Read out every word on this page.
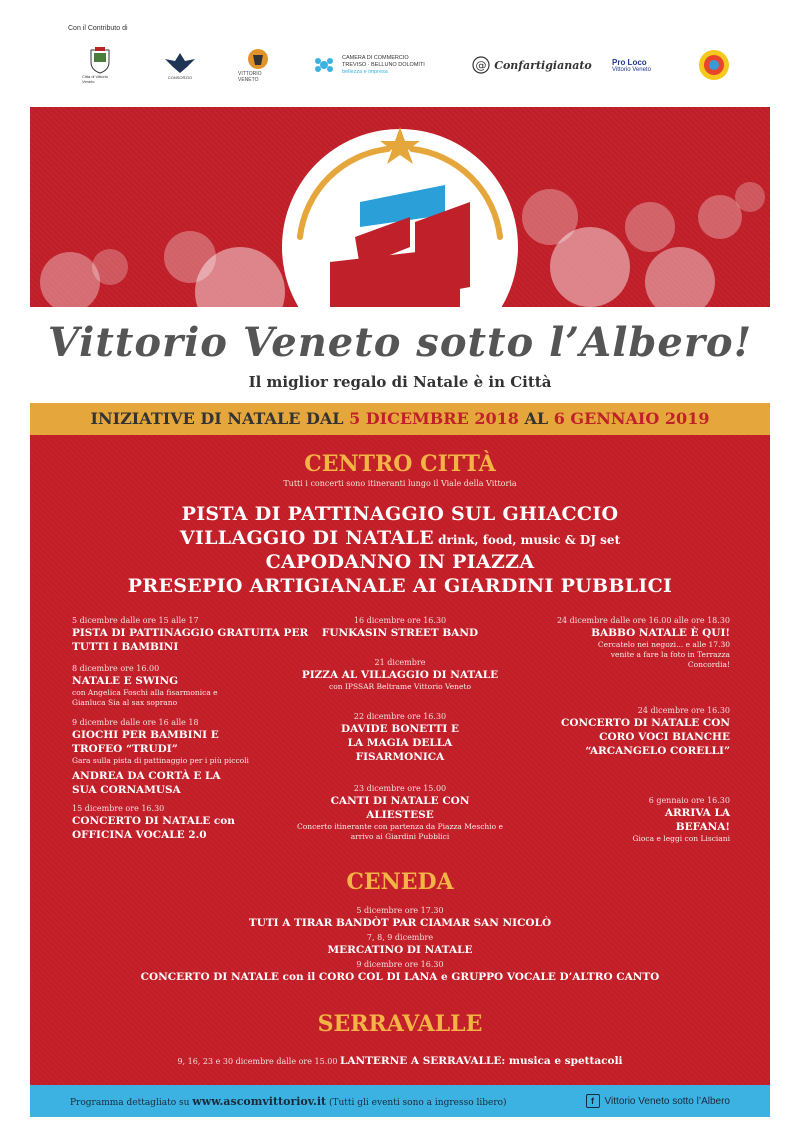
Con il Contributo di
Città di Vittorio Veneto
CONSORZIO	VITTORIO VENETO
CAMERA DI COMMERCIO
TREVISO · BELLUNO DOLOMITI
bellezza e impresa	@ Confartigianato	Pro Loco
Vittorio Veneto
Vittorio Veneto sotto l’Albero!
Il miglior regalo di Natale è in Città
INIZIATIVE DI NATALE DAL 5 DICEMBRE 2018 AL 6 GENNAIO 2019
CENTRO CITTÀ
Tutti i concerti sono itineranti lungo il Viale della Vittoria
PISTA DI PATTINAGGIO SUL GHIACCIO
VILLAGGIO DI NATALE drink, food, music & DJ set
CAPODANNO IN PIAZZA
PRESEPIO ARTIGIANALE AI GIARDINI PUBBLICI
5 dicembre dalle ore 15 alle 17
PISTA DI PATTINAGGIO GRATUITA PER TUTTI I BAMBINI
8 dicembre ore 16.00
NATALE E SWING
con Angelica Foschi alla fisarmonica e Gianluca Sia al sax soprano
9 dicembre dalle ore 16 alle 18
GIOCHI PER BAMBINI E TROFEO “TRUDI”
Gara sulla pista di pattinaggio per i più piccoli
ANDREA DA CORTÀ E LA SUA CORNAMUSA
15 dicembre ore 16.30
CONCERTO DI NATALE con OFFICINA VOCALE 2.0
16 dicembre ore 16.30
FUNKASIN STREET BAND
21 dicembre
PIZZA AL VILLAGGIO DI NATALE
con IPSSAR Beltrame Vittorio Veneto
22 dicembre ore 16.30
DAVIDE BONETTI E LA MAGIA DELLA FISARMONICA
23 dicembre ore 15.00
CANTI DI NATALE CON ALIESTESE
Concerto itinerante con partenza da Piazza Meschio e arrivo ai Giardini Pubblici
24 dicembre dalle ore 16.00 alle ore 18.30
BABBO NATALE È QUI!
Cercatelo nei negozi... e alle 17.30 venite a fare la foto in Terrazza Concordia!
24 dicembre ore 16.30
CONCERTO DI NATALE CON CORO VOCI BIANCHE “ARCANGELO CORELLI”
6 gennaio ore 16.30
ARRIVA LA BEFANA!
Gioca e leggi con Lisciani
CENEDA
5 dicembre ore 17.30
TUTI A TIRAR BANDÒT PAR CIAMAR SAN NICOLÒ
7, 8, 9 dicembre
MERCATINO DI NATALE
9 dicembre ore 16.30
CONCERTO DI NATALE con il CORO COL DI LANA e GRUPPO VOCALE D’ALTRO CANTO
SERRAVALLE
9, 16, 23 e 30 dicembre dalle ore 15.00 LANTERNE A SERRAVALLE: musica e spettacoli
Programma dettagliato su www.ascomvittoriov.it (Tutti gli eventi sono a ingresso libero)	f	Vittorio Veneto sotto l’Albero
